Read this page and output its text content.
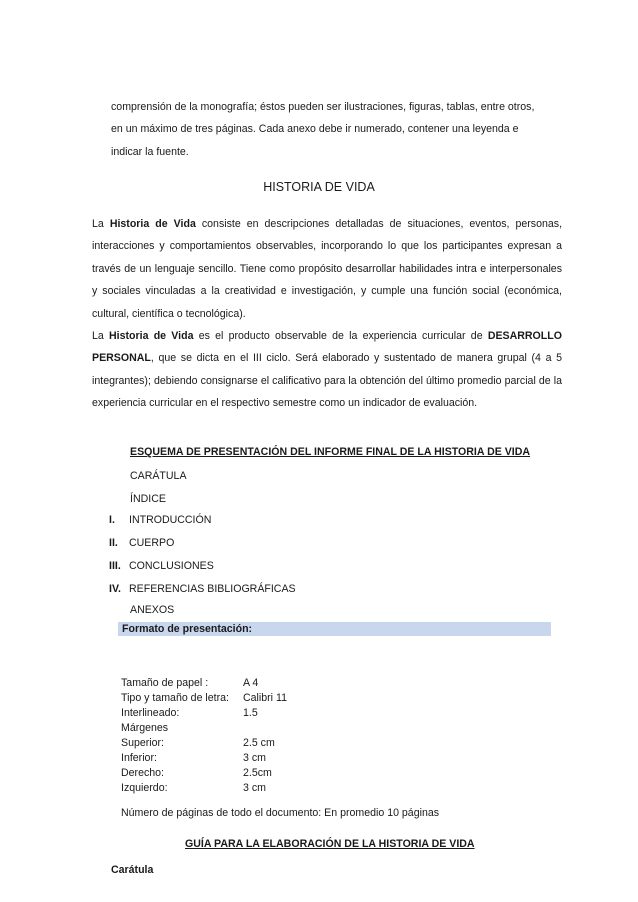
comprensión de la monografía; éstos pueden ser ilustraciones, figuras, tablas, entre otros,
en un máximo de tres páginas. Cada anexo debe ir numerado, contener una leyenda e
indicar la fuente.
HISTORIA DE VIDA
La Historia de Vida consiste en descripciones detalladas de situaciones, eventos, personas, interacciones y comportamientos observables, incorporando lo que los participantes expresan a través de un lenguaje sencillo. Tiene como propósito desarrollar habilidades intra e interpersonales y sociales vinculadas a la creatividad e investigación, y cumple una función social (económica, cultural, científica o tecnológica).
La Historia de Vida es el producto observable de la experiencia curricular de DESARROLLO PERSONAL, que se dicta en el III ciclo. Será elaborado y sustentado de manera grupal (4 a 5 integrantes); debiendo consignarse el calificativo para la obtención del último promedio parcial de la experiencia curricular en el respectivo semestre como un indicador de evaluación.
ESQUEMA DE PRESENTACIÓN DEL INFORME FINAL DE LA HISTORIA DE VIDA
CARÁTULA
ÍNDICE
I. INTRODUCCIÓN
II. CUERPO
III. CONCLUSIONES
IV. REFERENCIAS BIBLIOGRÁFICAS
ANEXOS
Formato de presentación:
Tamaño de papel :	A 4
Tipo y tamaño de letra: Calibri 11
Interlineado:	1.5
Márgenes
Superior:	2.5 cm
Inferior:	3 cm
Derecho:	2.5cm
Izquierdo:	3 cm
Número de páginas de todo el documento: En promedio 10 páginas
GUÍA PARA LA ELABORACIÓN DE LA HISTORIA DE VIDA
Carátula
